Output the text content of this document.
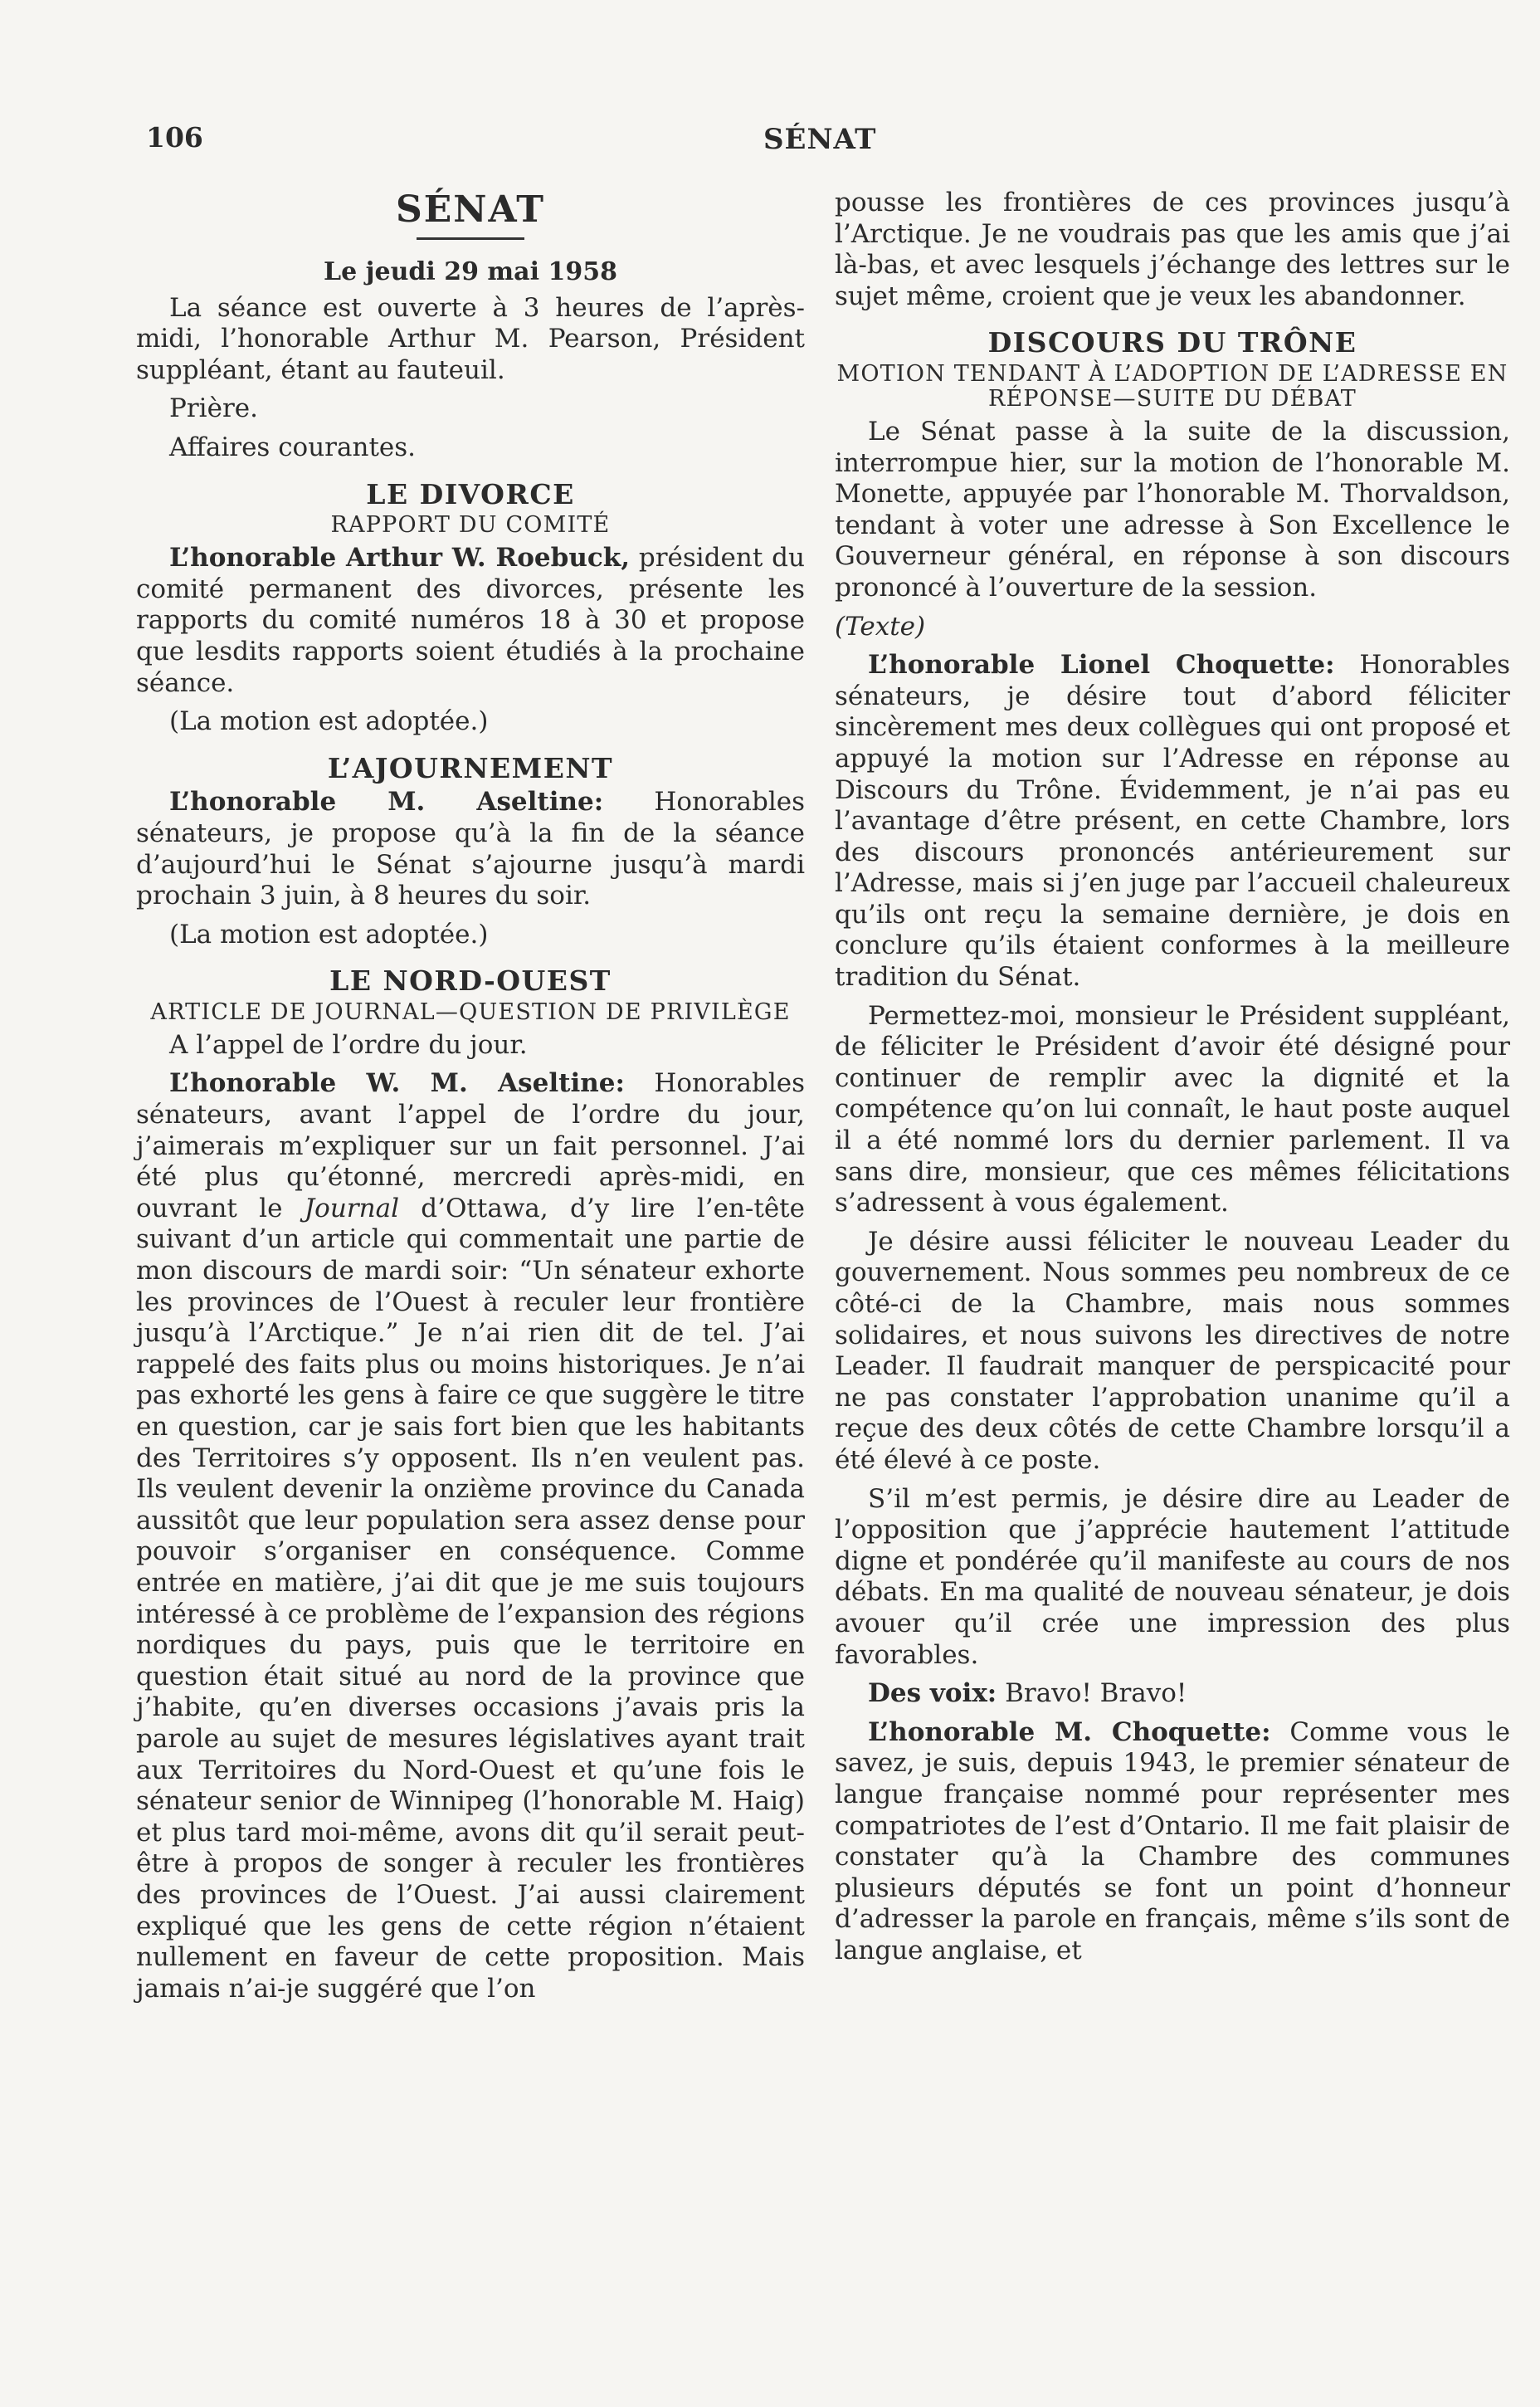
106	SÉNAT
SÉNAT
Le jeudi 29 mai 1958

La séance est ouverte à 3 heures de l’après-midi, l’honorable Arthur M. Pearson, Président suppléant, étant au fauteuil.

Prière.

Affaires courantes.

LE DIVORCE
RAPPORT DU COMITÉ

L’honorable Arthur W. Roebuck, président du comité permanent des divorces, présente les rapports du comité numéros 18 à 30 et propose que lesdits rapports soient étudiés à la prochaine séance.

(La motion est adoptée.)

L’AJOURNEMENT

L’honorable M. Aseltine: Honorables sénateurs, je propose qu’à la fin de la séance d’aujourd’hui le Sénat s’ajourne jusqu’à mardi prochain 3 juin, à 8 heures du soir.

(La motion est adoptée.)

LE NORD-OUEST
ARTICLE DE JOURNAL—QUESTION DE PRIVILÈGE

A l’appel de l’ordre du jour.

L’honorable W. M. Aseltine: Honorables sénateurs, avant l’appel de l’ordre du jour, j’aimerais m’expliquer sur un fait personnel. J’ai été plus qu’étonné, mercredi après-midi, en ouvrant le Journal d’Ottawa, d’y lire l’en-tête suivant d’un article qui commentait une partie de mon discours de mardi soir: “Un sénateur exhorte les provinces de l’Ouest à reculer leur frontière jusqu’à l’Arctique.” Je n’ai rien dit de tel. J’ai rappelé des faits plus ou moins historiques. Je n’ai pas exhorté les gens à faire ce que suggère le titre en question, car je sais fort bien que les habitants des Territoires s’y opposent. Ils n’en veulent pas. Ils veulent devenir la onzième province du Canada aussitôt que leur population sera assez dense pour pouvoir s’organiser en conséquence. Comme entrée en matière, j’ai dit que je me suis toujours intéressé à ce problème de l’expansion des régions nordiques du pays, puis que le territoire en question était situé au nord de la province que j’habite, qu’en diverses occasions j’avais pris la parole au sujet de mesures législatives ayant trait aux Territoires du Nord-Ouest et qu’une fois le sénateur senior de Winnipeg (l’honorable M. Haig) et plus tard moi-même, avons dit qu’il serait peut-être à propos de songer à reculer les frontières des provinces de l’Ouest. J’ai aussi clairement expliqué que les gens de cette région n’étaient nullement en faveur de cette proposition. Mais jamais n’ai-je suggéré que l’on

pousse les frontières de ces provinces jusqu’à l’Arctique. Je ne voudrais pas que les amis que j’ai là-bas, et avec lesquels j’échange des lettres sur le sujet même, croient que je veux les abandonner.

DISCOURS DU TRÔNE
MOTION TENDANT À L’ADOPTION DE L’ADRESSE EN RÉPONSE—SUITE DU DÉBAT

Le Sénat passe à la suite de la discussion, interrompue hier, sur la motion de l’honorable M. Monette, appuyée par l’honorable M. Thorvaldson, tendant à voter une adresse à Son Excellence le Gouverneur général, en réponse à son discours prononcé à l’ouverture de la session.

(Texte)

L’honorable Lionel Choquette: Honorables sénateurs, je désire tout d’abord féliciter sincèrement mes deux collègues qui ont proposé et appuyé la motion sur l’Adresse en réponse au Discours du Trône. Évidemment, je n’ai pas eu l’avantage d’être présent, en cette Chambre, lors des discours prononcés antérieurement sur l’Adresse, mais si j’en juge par l’accueil chaleureux qu’ils ont reçu la semaine dernière, je dois en conclure qu’ils étaient conformes à la meilleure tradition du Sénat.

Permettez-moi, monsieur le Président suppléant, de féliciter le Président d’avoir été désigné pour continuer de remplir avec la dignité et la compétence qu’on lui connaît, le haut poste auquel il a été nommé lors du dernier parlement. Il va sans dire, monsieur, que ces mêmes félicitations s’adressent à vous également.

Je désire aussi féliciter le nouveau Leader du gouvernement. Nous sommes peu nombreux de ce côté-ci de la Chambre, mais nous sommes solidaires, et nous suivons les directives de notre Leader. Il faudrait manquer de perspicacité pour ne pas constater l’approbation unanime qu’il a reçue des deux côtés de cette Chambre lorsqu’il a été élevé à ce poste.

S’il m’est permis, je désire dire au Leader de l’opposition que j’apprécie hautement l’attitude digne et pondérée qu’il manifeste au cours de nos débats. En ma qualité de nouveau sénateur, je dois avouer qu’il crée une impression des plus favorables.

Des voix: Bravo! Bravo!

L’honorable M. Choquette: Comme vous le savez, je suis, depuis 1943, le premier sénateur de langue française nommé pour représenter mes compatriotes de l’est d’Ontario. Il me fait plaisir de constater qu’à la Chambre des communes plusieurs députés se font un point d’honneur d’adresser la parole en français, même s’ils sont de langue anglaise, et
